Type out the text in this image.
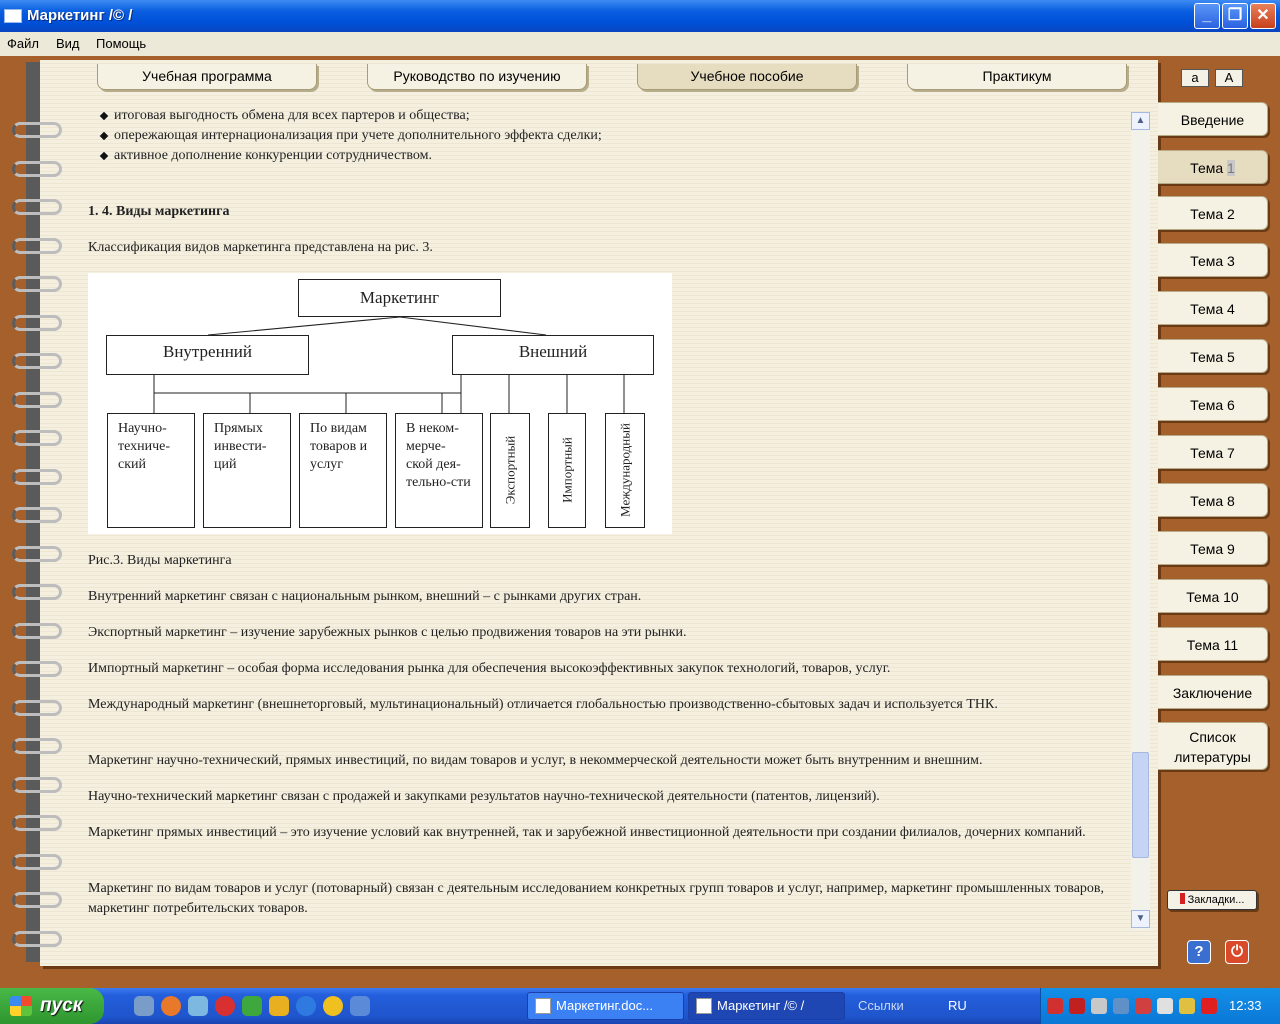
Маркетинг /© /	_	❐ ✕
Файл Вид Помощь
Учебная программа	Руководство по изучению	Учебное пособие	Практикум
итоговая выгодность обмена для всех партеров и общества;
опережающая интернационализация при учете дополнительного эффекта сделки;
активное дополнение конкуренции сотрудничеством.
1. 4. Виды маркетинга
Классификация видов маркетинга представлена на рис. 3.
Маркетинг
Внутренний	Внешний
Научно-техниче-ский
Прямых инвести-ций
По видам товаров и услуг
В неком-мерче-ской дея-тельно-сти	Экспортный	Импортный	Международный
Рис.3. Виды маркетинга
Внутренний маркетинг связан с национальным рынком, внешний – с рынками других стран.
Экспортный маркетинг – изучение зарубежных рынков с целью продвижения товаров на эти рынки.
Импортный маркетинг – особая форма исследования рынка для обеспечения высокоэффективных закупок технологий, товаров, услуг.
Международный маркетинг (внешнеторговый, мультинациональный) отличается глобальностью производственно-сбытовых задач и используется ТНК.
Маркетинг научно-технический, прямых инвестиций, по видам товаров и услуг, в некоммерческой деятельности может быть внутренним и внешним.
Научно-технический маркетинг связан с продажей и закупками результатов научно-технической деятельности (патентов, лицензий).
Маркетинг прямых инвестиций – это изучение условий как внутренней, так и зарубежной инвестиционной деятельности при создании филиалов, дочерних компаний.
Маркетинг по видам товаров и услуг (потоварный) связан с деятельным исследованием конкретных групп товаров и услуг, например, маркетинг промышленных товаров, маркетинг потребительских товаров.
▲
▼
a	A
Введение
Тема 1
Тема 2
Тема 3
Тема 4
Тема 5
Тема 6
Тема 7
Тема 8
Тема 9
Тема 10
Тема 11
Заключение
Список литературы
Закладки...
?	⏻
пуск	Маркетинг.doc...	Маркетинг /© /	Ссылки	RU	12:33
